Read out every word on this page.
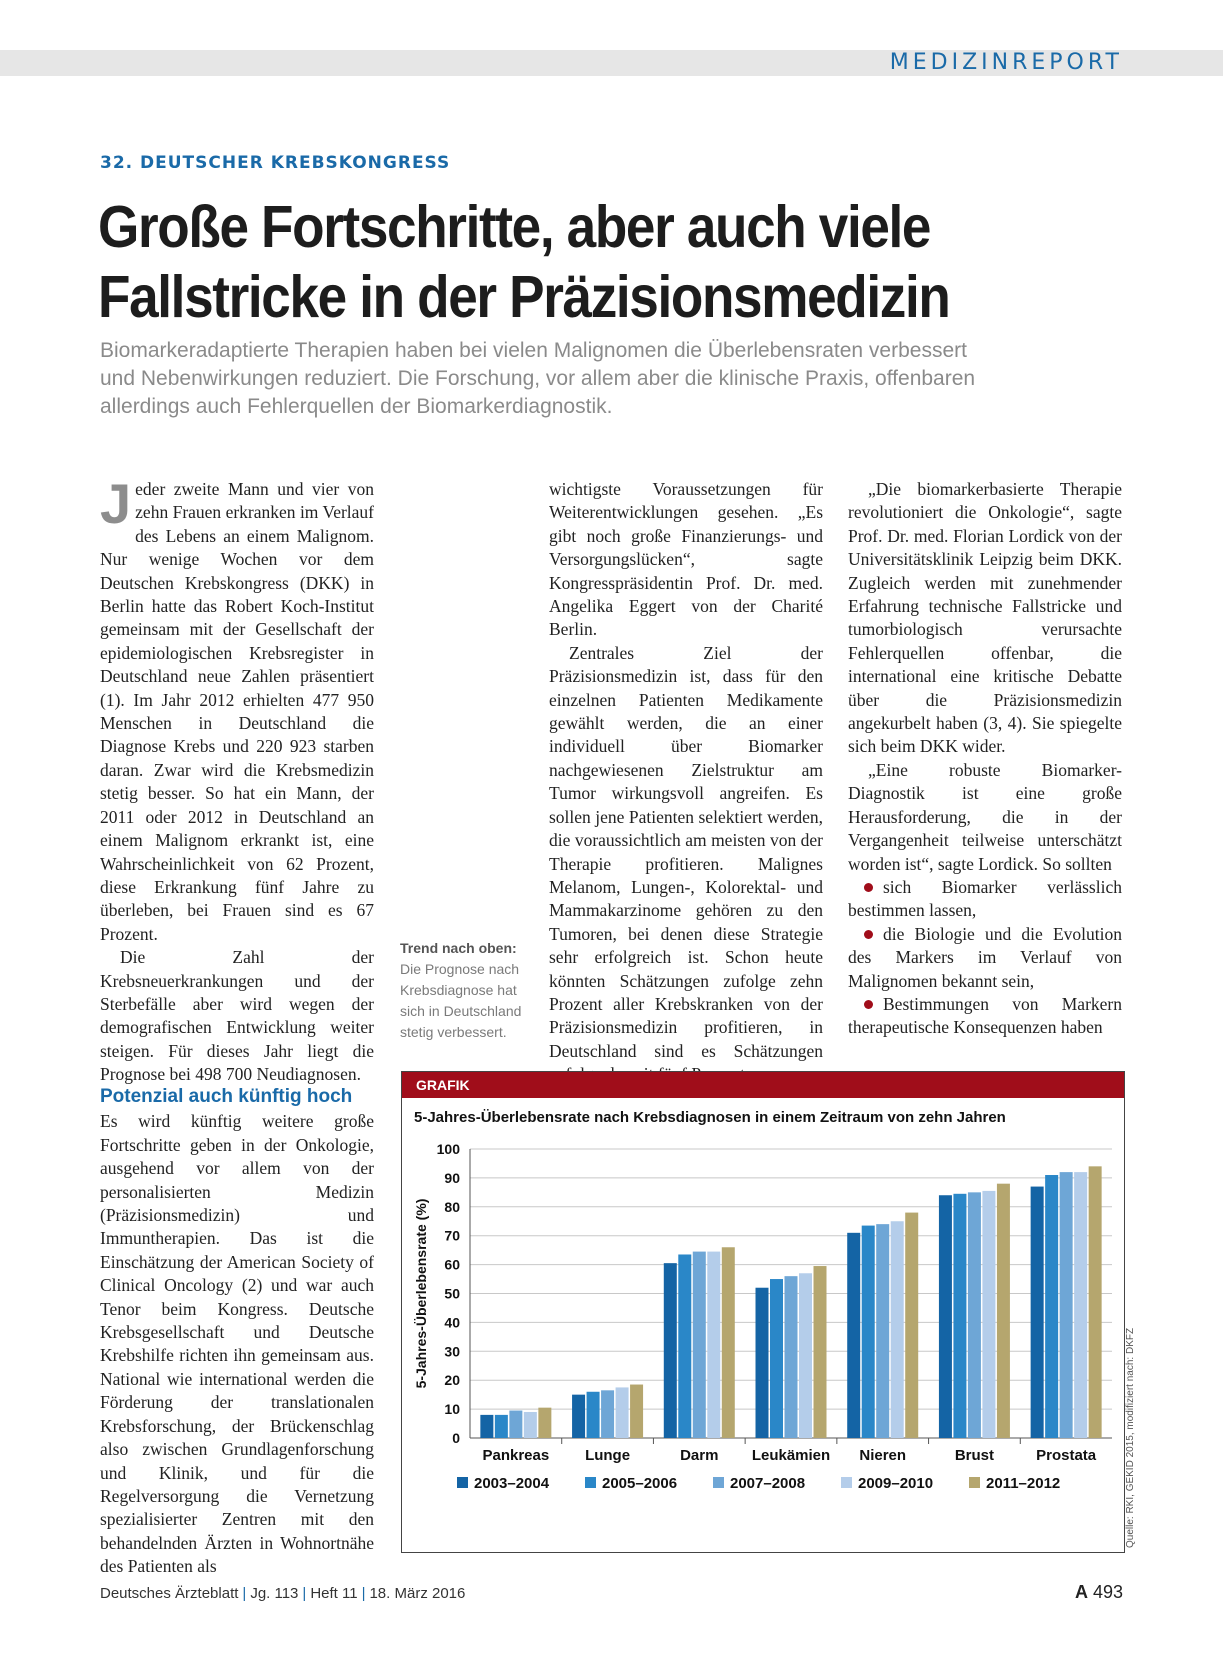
MEDIZINREPORT
32. DEUTSCHER KREBSKONGRESS
Große Fortschritte, aber auch viele
Fallstricke in der Präzisionsmedizin
Biomarkeradaptierte Therapien haben bei vielen Malignomen die Überlebensraten verbessert und Nebenwirkungen reduziert. Die Forschung, vor allem aber die klinische Praxis, offenbaren allerdings auch Fehlerquellen der Biomarkerdiagnostik.

Jeder zweite Mann und vier von zehn Frauen erkranken im Verlauf des Lebens an einem Malignom. Nur wenige Wochen vor dem Deutschen Krebskongress (DKK) in Berlin hatte das Robert Koch-Institut gemeinsam mit der Gesellschaft der epidemiologischen Krebsregister in Deutschland neue Zahlen präsentiert (1). Im Jahr 2012 erhielten 477 950 Menschen in Deutschland die Diagnose Krebs und 220 923 starben daran. Zwar wird die Krebsmedizin stetig besser. So hat ein Mann, der 2011 oder 2012 in Deutschland an einem Malignom erkrankt ist, eine Wahrscheinlichkeit von 62 Prozent, diese Erkrankung fünf Jahre zu überleben, bei Frauen sind es 67 Prozent.

Die Zahl der Krebsneuerkrankungen und der Sterbefälle aber wird wegen der demografischen Entwicklung weiter steigen. Für dieses Jahr liegt die Prognose bei 498 700 Neudiagnosen.

Potenzial auch künftig hoch

Es wird künftig weitere große Fortschritte geben in der Onkologie, ausgehend vor allem von der personalisierten Medizin (Präzisionsmedizin) und Immuntherapien. Das ist die Einschätzung der American Society of Clinical Oncology (2) und war auch Tenor beim Kongress. Deutsche Krebsgesellschaft und Deutsche Krebshilfe richten ihn gemeinsam aus. National wie international werden die Förderung der translationalen Krebsforschung, der Brückenschlag also zwischen Grundlagenforschung und Klinik, und für die Regelversorgung die Vernetzung spezialisierter Zentren mit den behandelnden Ärzten in Wohnortnähe des Patienten als

wichtigste Voraussetzungen für Weiterentwicklungen gesehen. „Es gibt noch große Finanzierungs- und Versorgungslücken“, sagte Kongresspräsidentin Prof. Dr. med. Angelika Eggert von der Charité Berlin.

Zentrales Ziel der Präzisionsmedizin ist, dass für den einzelnen Patienten Medikamente gewählt werden, die an einer individuell über Biomarker nachgewiesenen Zielstruktur am Tumor wirkungsvoll angreifen. Es sollen jene Patienten selektiert werden, die voraussichtlich am meisten von der Therapie profitieren. Malignes Melanom, Lungen-, Kolorektal- und Mammakarzinome gehören zu den Tumoren, bei denen diese Strategie sehr erfolgreich ist. Schon heute könnten Schätzungen zufolge zehn Prozent aller Krebskranken von der Präzisionsmedizin profitieren, in Deutschland sind es Schätzungen

„Die biomarkerbasierte Therapie revolutioniert die Onkologie“, sagte Prof. Dr. med. Florian Lordick von der Universitätsklinik Leipzig beim DKK. Zugleich werden mit zunehmender Erfahrung technische Fallstricke und tumorbiologisch verursachte Fehlerquellen offenbar, die international eine kritische Debatte über die Präzisionsmedizin angekurbelt haben (3, 4). Sie spiegelte sich beim DKK wider.

„Eine robuste Biomarker-Diagnostik ist eine große Herausforderung, die in der Vergangenheit teilweise unterschätzt worden ist“, sagte Lordick. So sollten

sich Biomarker verlässlich bestimmen lassen,

die Biologie und die Evolution des Markers im Verlauf von Malignomen bekannt sein,

Bestimmungen von Markern therapeutische Konsequenzen haben

Trend nach oben:
Die Prognose nach Krebsdiagnose hat sich in Deutschland stetig verbessert.
GRAFIK
5-Jahres-Überlebensrate nach Krebsdiagnosen in einem Zeitraum von zehn Jahren
0
10
20
30
40
50
60
70
80
90
100
5-Jahres-Überlebensrate (%)
Pankreas Lunge	Darm Leukämien Nieren	Brust	Prostata
2003–2004	2005–2006	2007–2008	2009–2010	2011–2012	Quelle: RKI, GEKID 2015, modifiziert nach: DKFZ
Deutsches Ärzteblatt | Jg. 113 | Heft 11 | 18. März 2016	A 493
